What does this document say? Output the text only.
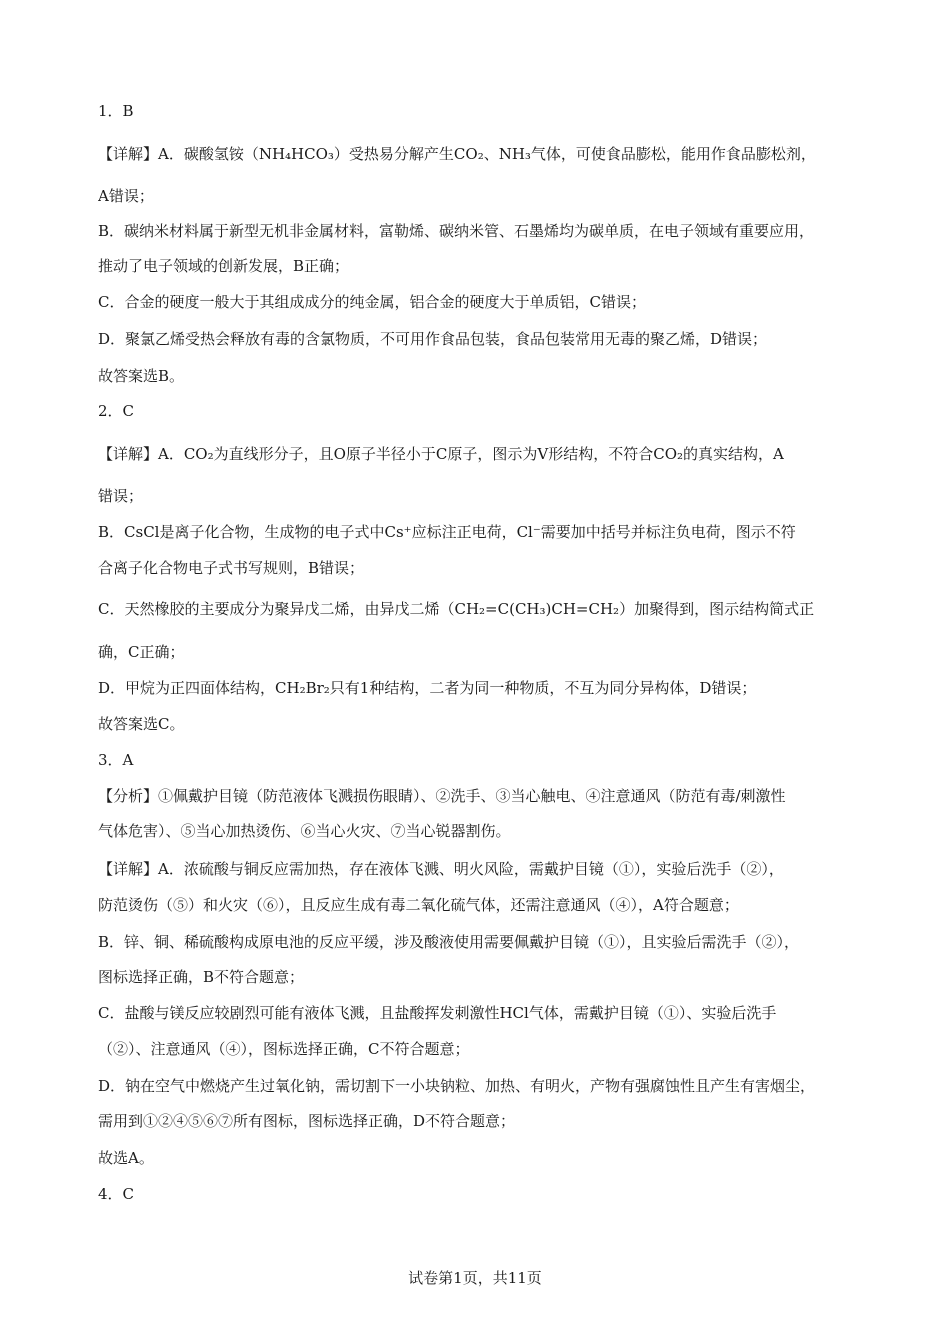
1．B
【详解】A．碳酸氢铵（NH₄HCO₃）受热易分解产生CO₂、NH₃气体，可使食品膨松，能用作食品膨松剂，
A错误；
B．碳纳米材料属于新型无机非金属材料，富勒烯、碳纳米管、石墨烯均为碳单质，在电子领域有重要应用，
推动了电子领域的创新发展，B正确；
C．合金的硬度一般大于其组成成分的纯金属，铝合金的硬度大于单质铝，C错误；
D．聚氯乙烯受热会释放有毒的含氯物质，不可用作食品包装，食品包装常用无毒的聚乙烯，D错误；
故答案选B。
2．C
【详解】A．CO₂为直线形分子，且O原子半径小于C原子，图示为V形结构，不符合CO₂的真实结构，A
错误；
B．CsCl是离子化合物，生成物的电子式中Cs⁺应标注正电荷，Cl⁻需要加中括号并标注负电荷，图示不符
合离子化合物电子式书写规则，B错误；
C．天然橡胶的主要成分为聚异戊二烯，由异戊二烯（CH₂=C(CH₃)CH=CH₂）加聚得到，图示结构简式正
确，C正确；
D．甲烷为正四面体结构，CH₂Br₂只有1种结构，二者为同一种物质，不互为同分异构体，D错误；
故答案选C。
3．A
【分析】①佩戴护目镜（防范液体飞溅损伤眼睛）、②洗手、③当心触电、④注意通风（防范有毒/刺激性
气体危害）、⑤当心加热烫伤、⑥当心火灾、⑦当心锐器割伤。
【详解】A．浓硫酸与铜反应需加热，存在液体飞溅、明火风险，需戴护目镜（①），实验后洗手（②），
防范烫伤（⑤）和火灾（⑥），且反应生成有毒二氧化硫气体，还需注意通风（④），A符合题意；
B．锌、铜、稀硫酸构成原电池的反应平缓，涉及酸液使用需要佩戴护目镜（①），且实验后需洗手（②），
图标选择正确，B不符合题意；
C．盐酸与镁反应较剧烈可能有液体飞溅，且盐酸挥发刺激性HCl气体，需戴护目镜（①）、实验后洗手
（②）、注意通风（④），图标选择正确，C不符合题意；
D．钠在空气中燃烧产生过氧化钠，需切割下一小块钠粒、加热、有明火，产物有强腐蚀性且产生有害烟尘，
需用到①②④⑤⑥⑦所有图标，图标选择正确，D不符合题意；
故选A。
4．C
试卷第1页，共11页
